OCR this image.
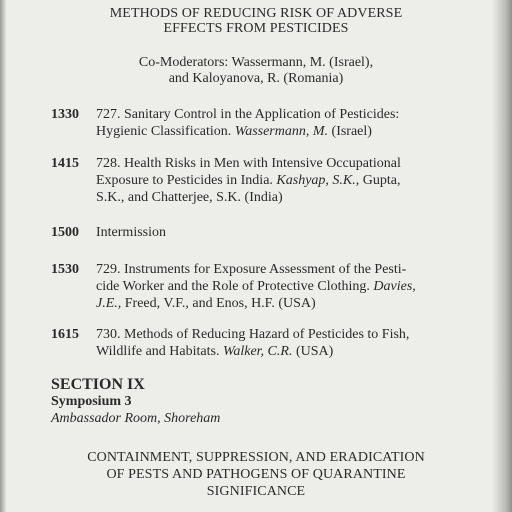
METHODS OF REDUCING RISK OF ADVERSE
EFFECTS FROM PESTICIDES
Co-Moderators: Wassermann, M. (Israel),
and Kaloyanova, R. (Romania)
1330 727. Sanitary Control in the Application of Pesticides:
Hygienic Classification. Wassermann, M. (Israel)
1415 728. Health Risks in Men with Intensive Occupational
Exposure to Pesticides in India. Kashyap, S.K., Gupta,
S.K., and Chatterjee, S.K. (India)
1500 Intermission
1530 729. Instruments for Exposure Assessment of the Pesti-
cide Worker and the Role of Protective Clothing. Davies,
J.E., Freed, V.F., and Enos, H.F. (USA)
1615 730. Methods of Reducing Hazard of Pesticides to Fish,
Wildlife and Habitats. Walker, C.R. (USA)
SECTION IX
Symposium 3
Ambassador Room, Shoreham
CONTAINMENT, SUPPRESSION, AND ERADICATION
OF PESTS AND PATHOGENS OF QUARANTINE
SIGNIFICANCE
